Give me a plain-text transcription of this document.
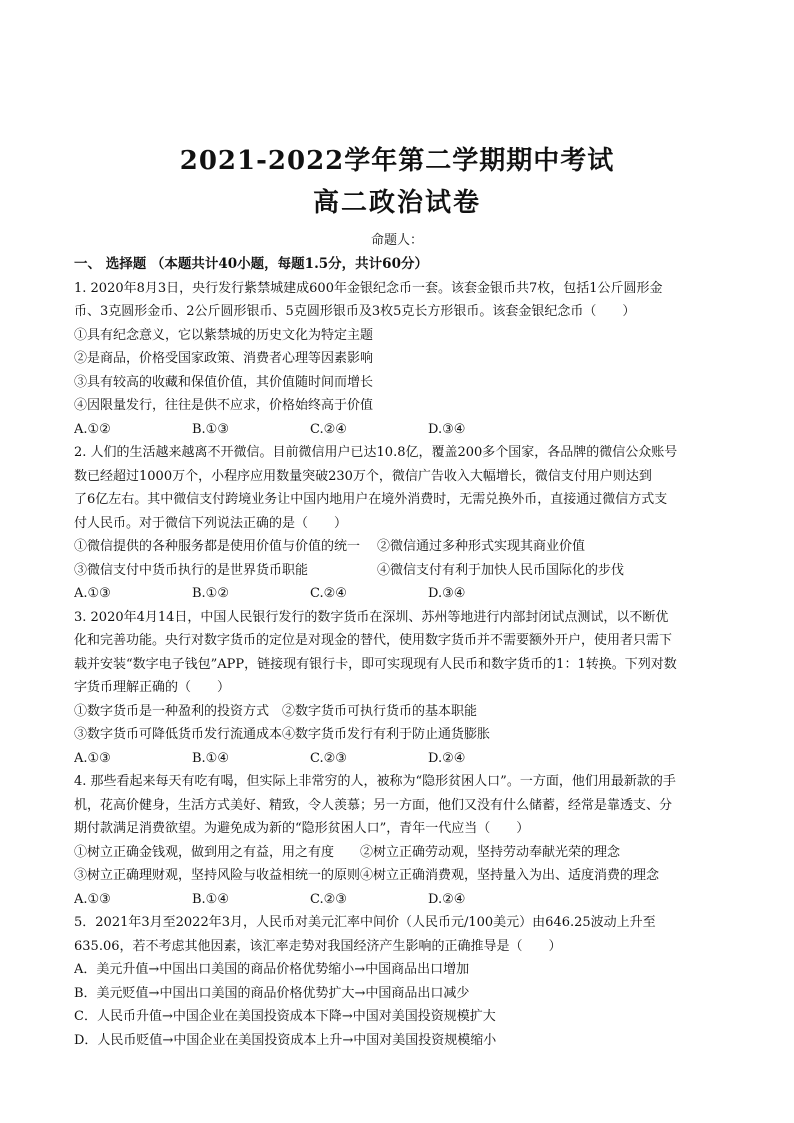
2021-2022学年第二学期期中考试
高二政治试卷
命题人：
一、 选择题 （本题共计40小题，每题1.5分，共计60分）
1. 2020年8月3日，央行发行紫禁城建成600年金银纪念币一套。该套金银币共7枚，包括1公斤圆形金
币、3克圆形金币、2公斤圆形银币、5克圆形银币及3枚5克长方形银币。该套金银纪念币（　　）
①具有纪念意义，它以紫禁城的历史文化为特定主题
②是商品，价格受国家政策、消费者心理等因素影响
③具有较高的收藏和保值价值，其价值随时间而增长
④因限量发行，往往是供不应求，价格始终高于价值
A.①②	B.①③	C.②④	D.③④
2. 人们的生活越来越离不开微信。目前微信用户已达10.8亿，覆盖200多个国家，各品牌的微信公众账号
数已经超过1000万个，小程序应用数量突破230万个，微信广告收入大幅增长，微信支付用户则达到
了6亿左右。其中微信支付跨境业务让中国内地用户在境外消费时，无需兑换外币，直接通过微信方式支
付人民币。对于微信下列说法正确的是（　　）
①微信提供的各种服务都是使用价值与价值的统一	②微信通过多种形式实现其商业价值
③微信支付中货币执行的是世界货币职能	④微信支付有利于加快人民币国际化的步伐
A.①③	B.①②	C.②④	D.③④
3. 2020年4月14日，中国人民银行发行的数字货币在深圳、苏州等地进行内部封闭试点测试，以不断优
化和完善功能。央行对数字货币的定位是对现金的替代，使用数字货币并不需要额外开户，使用者只需下
载并安装“数字电子钱包”APP，链接现有银行卡，即可实现现有人民币和数字货币的1：1转换。下列对数
字货币理解正确的（　　）
①数字货币是一种盈利的投资方式　②数字货币可执行货币的基本职能
③数字货币可降低货币发行流通成本④数字货币发行有利于防止通货膨胀
A.①③	B.①④	C.②③	D.②④
4. 那些看起来每天有吃有喝，但实际上非常穷的人，被称为“隐形贫困人口”。一方面，他们用最新款的手
机，花高价健身，生活方式美好、精致，令人羡慕；另一方面，他们又没有什么储蓄，经常是靠透支、分
期付款满足消费欲望。为避免成为新的“隐形贫困人口”，青年一代应当（　　）
①树立正确金钱观，做到用之有益，用之有度　　②树立正确劳动观，坚持劳动奉献光荣的理念
③树立正确理财观，坚持风险与收益相统一的原则④树立正确消费观，坚持量入为出、适度消费的理念
A.①③	B.①④	C.②③	D.②④
5．2021年3月至2022年3月，人民币对美元汇率中间价（人民币元/100美元）由646.25波动上升至
635.06，若不考虑其他因素，该汇率走势对我国经济产生影响的正确推导是（　　）
A．美元升值→中国出口美国的商品价格优势缩小→中国商品出口增加
B．美元贬值→中国出口美国的商品价格优势扩大→中国商品出口减少
C．人民币升值→中国企业在美国投资成本下降→中国对美国投资规模扩大
D．人民币贬值→中国企业在美国投资成本上升→中国对美国投资规模缩小
